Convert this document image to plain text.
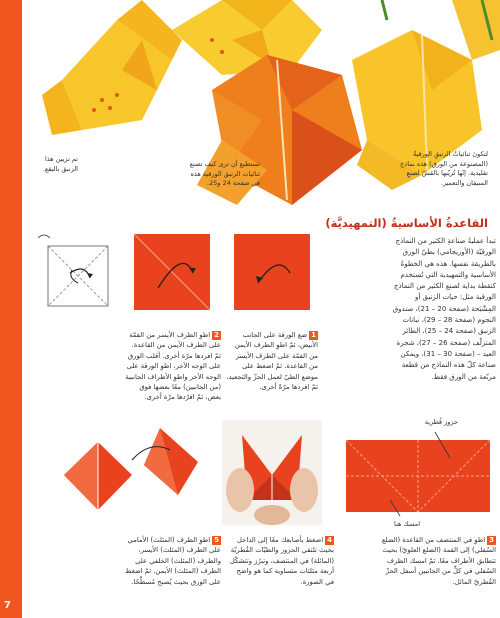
7
لتكونَ ثنائياتُ الزنبقِ الورقيةُ (المصنوعة من الورق) هذه نماذجَ تقليدية. إنّها تُزيّنها بالقشّ لصنعِ السيقان والتعمير.
تستطيع أن ترى كيف تصنع ثنائيات الزنبق الورقية هذه في صفحة 24 و25.
تم تزيين هذا الزنبق بالبقع.
القاعدةُ الأساسيةُ (التمهيديَّة)
تبدأ عمليةُ صناعةِ الكثير من النماذج الورقيّة (الأوريجامي) بطيّ الورق بالطريقة نفسها. هذه هي الخطوةُ الأساسية والتمهيدية التي تُستخدم كنقطة بداية لصنع الكثير من النماذج الورقية مثل: حيات الزنبق أو المِشْبَحة (صفحة 20 – 21)، صندوق النجوم (صفحة 28 – 29)، نباتات الزنبق (صفحة 24 – 25)، الطائر المتزلّف (صفحة 26 – 27)، شجرة العيد – (صفحة 30 – 31)، ويمكن صناعة كلّ هذه النماذج من قطعة مربّعة من الورق فقط.
2اطوِ الطرف الأيسر من القمّة على الطرف الأيمن من القاعدة. ثمّ افردها مرّة أخرى. أقلب الورق على الوجه الآخر، اطوِ الورقة على الوجه الآخر واطوِ الأطراف الجانبية (من الجانبين) معًا بعضها فوق بعض، ثمّ افرّدها مرّة أخرى.
1ضع الورقة على الجانب الأبيض، ثمّ اطوِ الطرف الأيمن من القمّة على الطرف الأيسر من القاعدة. ثمّ اضغط على موضع الطيّ لعمل الحزّ والتجعيد، ثمّ افردها مرّةً أخرى.
حزوز قُطرية
امسك هنا
5اطوِ الطرف (المثلث) الأمامي على الطرف (المثلث) الأيسر، والطرف (المثلث) الخلفي على الطرف (المثلث) الأيمن. ثمّ اضغط على الورق بحيث يُصبح مُسطَّحًا.
4اضغط بأصابعك معًا إلى الداخل بحيث تلتقي الحزوز والطيّات القُطريّة (المائلة) في المنتصف، وتبرُز وتتشكّل أربعة مثلثات متساوية كما هو واضح في الصورة.
3اطوِ في المنتصف من القاعدة (الضلع السُفلي) إلى القمة (الضلع العلويّ) بحيث تتطابق الأطراف معًا. ثمّ امسك الطرف السُفلي في كلٍّ من الجانبين أسفل الحزّ القُطريّ المائل.
